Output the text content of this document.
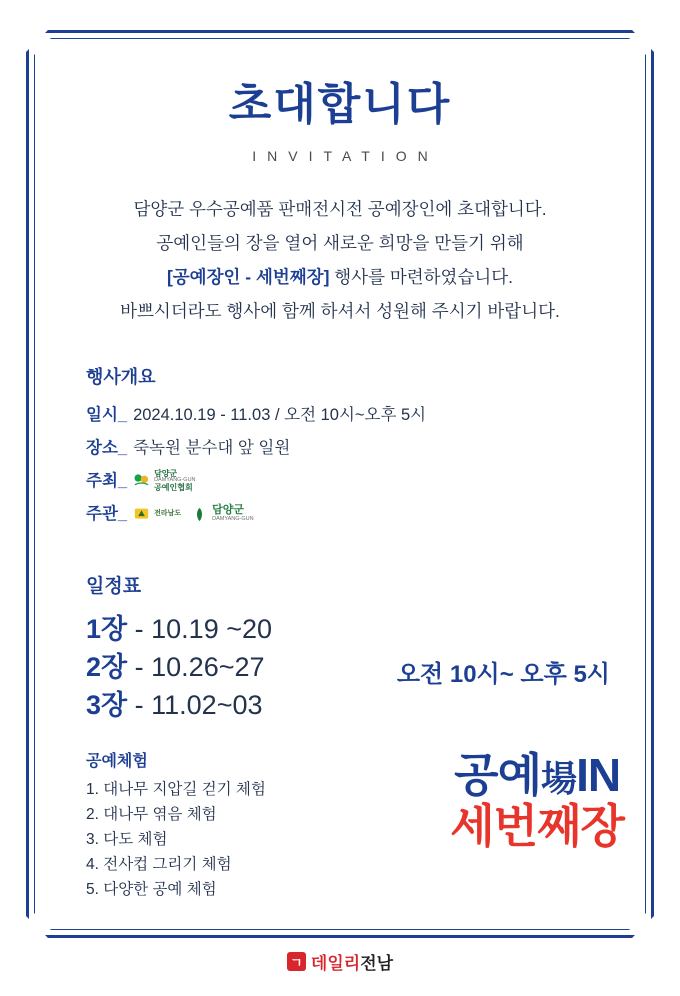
초대합니다
INVITATION
담양군 우수공예품 판매전시전 공예장인에 초대합니다.
공예인들의 장을 열어 새로운 희망을 만들기 위해
[공예장인 - 세번째장] 행사를 마련하였습니다.
바쁘시더라도 행사에 함께 하셔서 성원해 주시기 바랍니다.
행사개요
일시_ 2024.10.19 - 11.03 / 오전 10시~오후 5시
장소_ 죽녹원 분수대 앞 일원
주최_	담양군
DAMYANG-GUN
공예인협회
주관_	전라남도	담양군
DAMYANG-GUN
일정표
1장 - 10.19 ~20
2장 - 10.26~27
3장 - 11.02~03
오전 10시~ 오후 5시
공예체험
1. 대나무 지압길 걷기 체험
2. 대나무 엮음 체험
3. 다도 체험
4. 전사컵 그리기 체험
5. 다양한 공예 체험
공예場IN
세번째장
ㄱ 데일리전남
